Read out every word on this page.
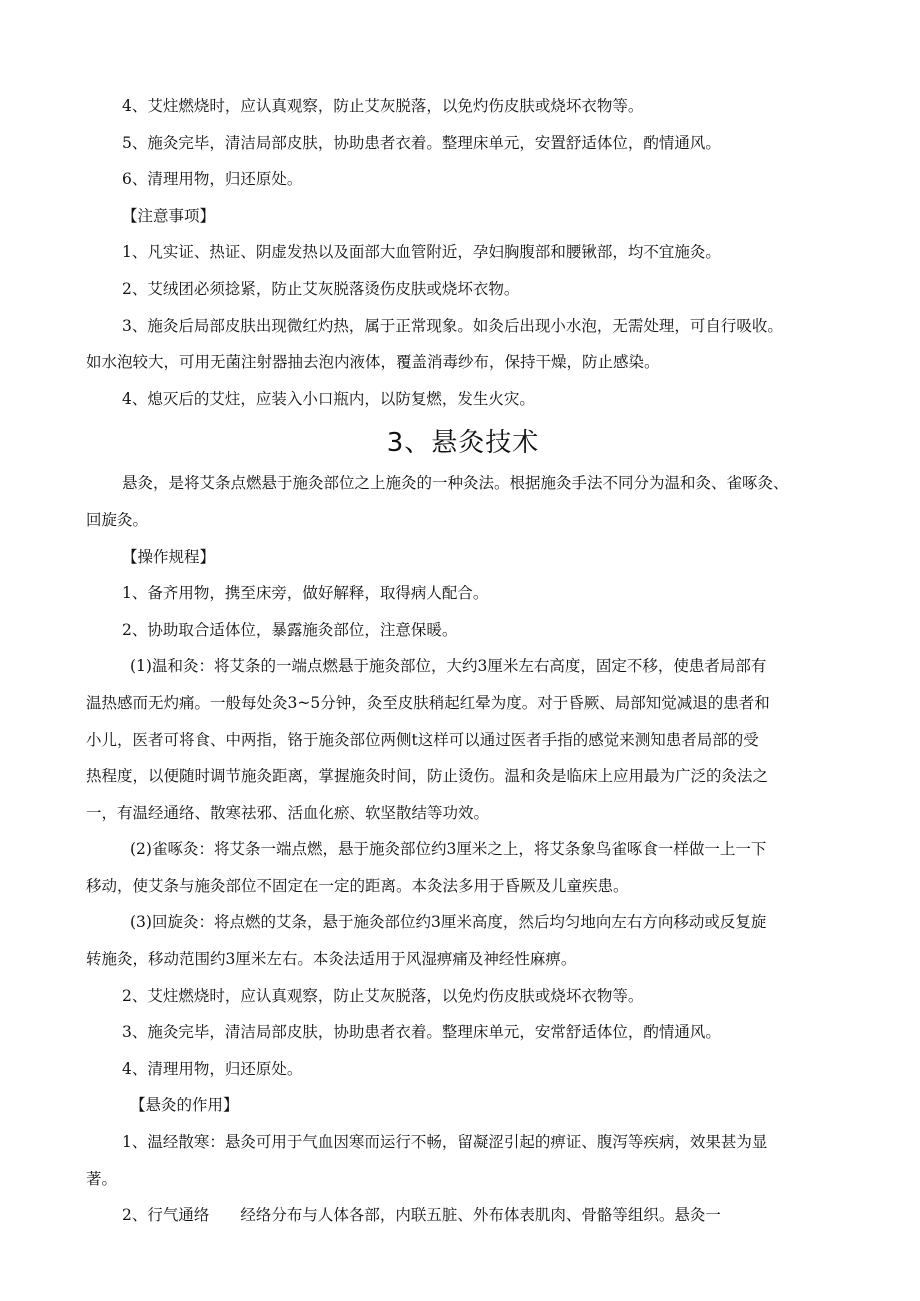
4、艾炷燃烧时，应认真观察，防止艾灰脱落，以免灼伤皮肤或烧坏衣物等。

5、施灸完毕，清洁局部皮肤，协助患者衣着。整理床单元，安置舒适体位，酌情通风。

6、清理用物，归还原处。

【注意事项】

1、凡实证、热证、阴虚发热以及面部大血管附近，孕妇胸腹部和腰锹部，均不宜施灸。

2、艾绒团必须捻紧，防止艾灰脱落烫伤皮肤或烧坏衣物。

3、施灸后局部皮肤出现微红灼热，属于正常现象。如灸后出现小水泡，无需处理，可自行吸收。

如水泡较大，可用无菌注射器抽去泡内液体，覆盖消毒纱布，保持干燥，防止感染。

4、熄灭后的艾炷，应装入小口瓶内，以防复燃，发生火灾。

3、悬灸技术

悬灸，是将艾条点燃悬于施灸部位之上施灸的一种灸法。根据施灸手法不同分为温和灸、雀啄灸、

回旋灸。

【操作规程】

1、备齐用物，携至床旁，做好解释，取得病人配合。

2、协助取合适体位，暴露施灸部位，注意保暖。

(1)温和灸：将艾条的一端点燃悬于施灸部位，大约3厘米左右高度，固定不移，使患者局部有

温热感而无灼痛。一般每处灸3~5分钟，灸至皮肤稍起红晕为度。对于昏厥、局部知觉减退的患者和

小儿，医者可将食、中两指，铬于施灸部位两侧t这样可以通过医者手指的感觉来测知患者局部的受

热程度，以便随时调节施灸距离，掌握施灸时间，防止烫伤。温和灸是临床上应用最为广泛的灸法之

一，有温经通络、散寒祛邪、活血化瘀、软坚散结等功效。

(2)雀啄灸：将艾条一端点燃，悬于施灸部位约3厘米之上，将艾条象鸟雀啄食一样做一上一下

移动，使艾条与施灸部位不固定在一定的距离。本灸法多用于昏厥及儿童疾患。

(3)回旋灸：将点燃的艾条，悬于施灸部位约3厘米高度，然后均匀地向左右方向移动或反复旋

转施灸，移动范围约3厘米左右。本灸法适用于风湿痹痛及神经性麻痹。

2、艾炷燃烧时，应认真观察，防止艾灰脱落，以免灼伤皮肤或烧坏衣物等。

3、施灸完毕，清洁局部皮肤，协助患者衣着。整理床单元，安常舒适体位，酌情通风。

4、清理用物，归还原处。

【悬灸的作用】

1、温经散寒：悬灸可用于气血因寒而运行不畅，留凝涩引起的痹证、腹泻等疾病，效果甚为显

著。

2、行气通络　　经络分布与人体各部，内联五脏、外布体表肌肉、骨骼等组织。悬灸一
